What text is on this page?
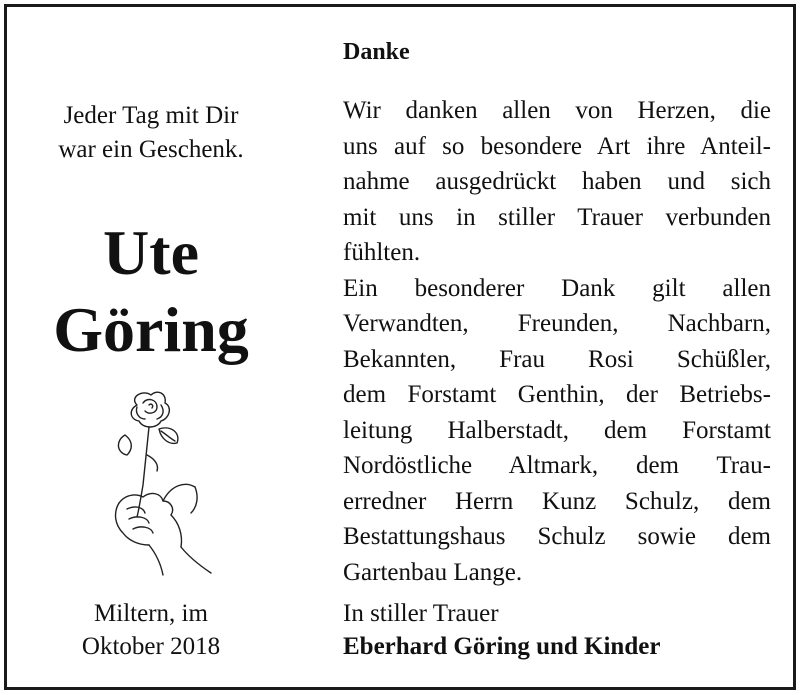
Jeder Tag mit Dir
war ein Geschenk.
Ute
Göring
Miltern, im
Oktober 2018
Danke
Wir danken allen von Herzen, die
uns auf so besondere Art ihre Anteil-
nahme ausgedrückt haben und sich
mit uns in stiller Trauer verbunden
fühlten.
Ein besonderer Dank gilt allen
Verwandten, Freunden, Nachbarn,
Bekannten, Frau Rosi Schüßler,
dem Forstamt Genthin, der Betriebs-
leitung Halberstadt, dem Forstamt
Nordöstliche Altmark, dem Trau-
erredner Herrn Kunz Schulz, dem
Bestattungshaus Schulz sowie dem
Gartenbau Lange.
In stiller Trauer
Eberhard Göring und Kinder
